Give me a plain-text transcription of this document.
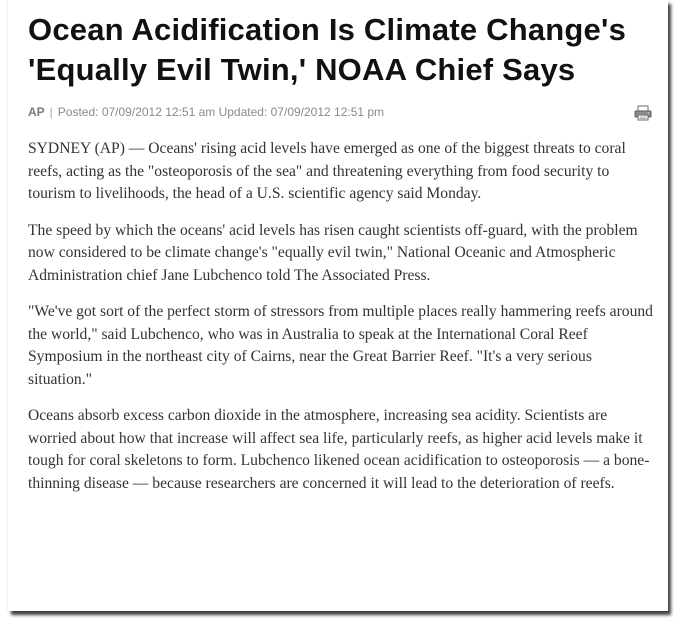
Ocean Acidification Is Climate Change's 'Equally Evil Twin,' NOAA Chief Says
AP | Posted: 07/09/2012 12:51 am Updated: 07/09/2012 12:51 pm

SYDNEY (AP) — Oceans' rising acid levels have emerged as one of the biggest threats to coral reefs, acting as the "osteoporosis of the sea" and threatening everything from food security to tourism to livelihoods, the head of a U.S. scientific agency said Monday.

The speed by which the oceans' acid levels has risen caught scientists off-guard, with the problem now considered to be climate change's "equally evil twin," National Oceanic and Atmospheric Administration chief Jane Lubchenco told The Associated Press.

"We've got sort of the perfect storm of stressors from multiple places really hammering reefs around the world," said Lubchenco, who was in Australia to speak at the International Coral Reef Symposium in the northeast city of Cairns, near the Great Barrier Reef. "It's a very serious situation."

Oceans absorb excess carbon dioxide in the atmosphere, increasing sea acidity. Scientists are worried about how that increase will affect sea life, particularly reefs, as higher acid levels make it tough for coral skeletons to form. Lubchenco likened ocean acidification to osteoporosis — a bone-thinning disease — because researchers are concerned it will lead to the deterioration of reefs.
